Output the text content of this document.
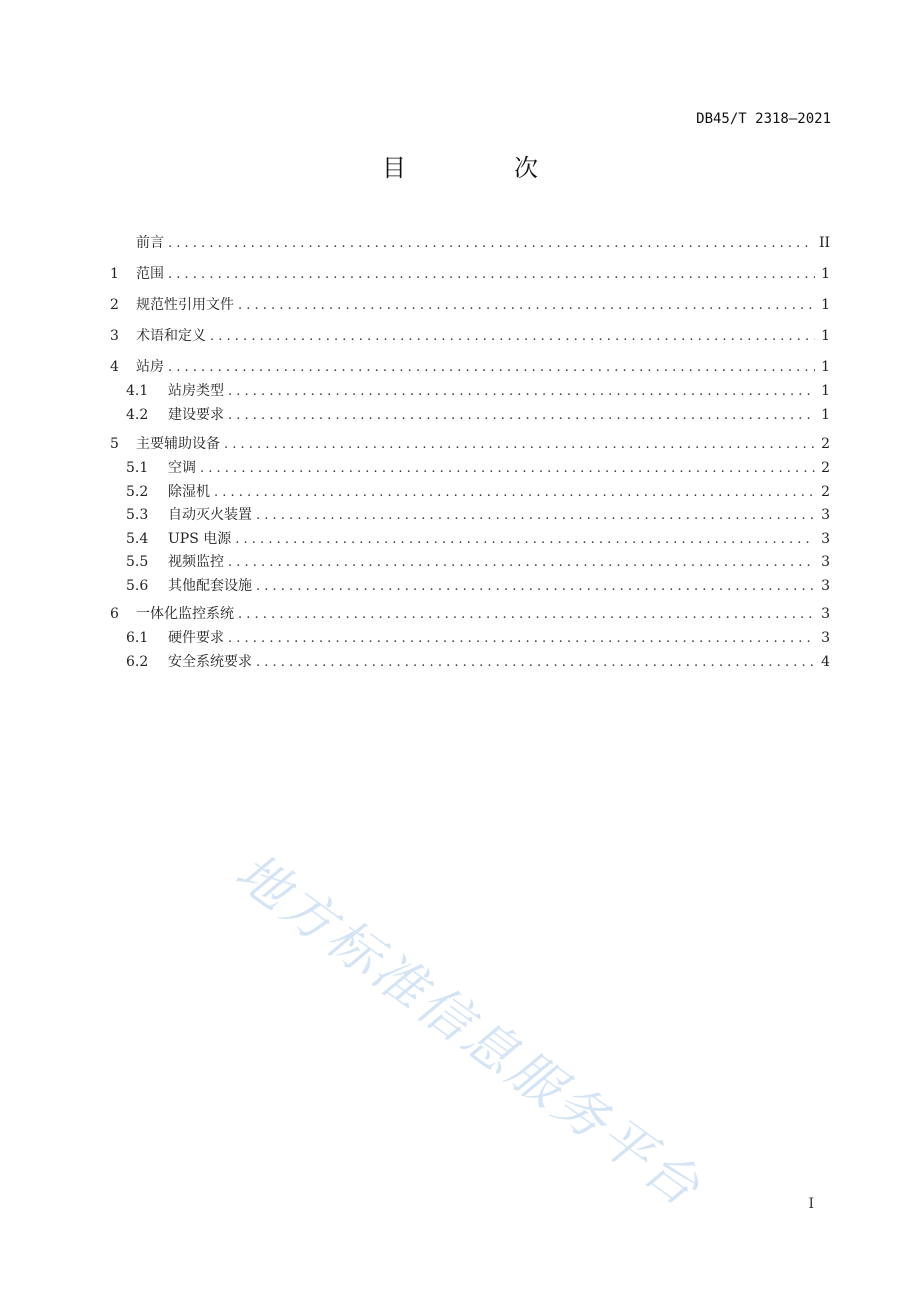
DB45/T 2318—2021
目　次
前言 . . .	II
1	范围 . . .	1
2	规范性引用文件 . . .	1
3	术语和定义 . . .	1
4	站房 . . .	1
4.1	站房类型 . . .	1
4.2	建设要求 . . .	1
5	主要辅助设备 . . .	2
5.1	空调 . . .	2
5.2	除湿机 . . .	2
5.3	自动灭火装置 . . .	3
5.4	UPS 电源 . . .	3
5.5	视频监控 . . .	3
5.6	其他配套设施 . . .	3
6	一体化监控系统 . . .	3
6.1	硬件要求 . . .	3
6.2	安全系统要求 . . .	4
地方标准信息服务平台	I
